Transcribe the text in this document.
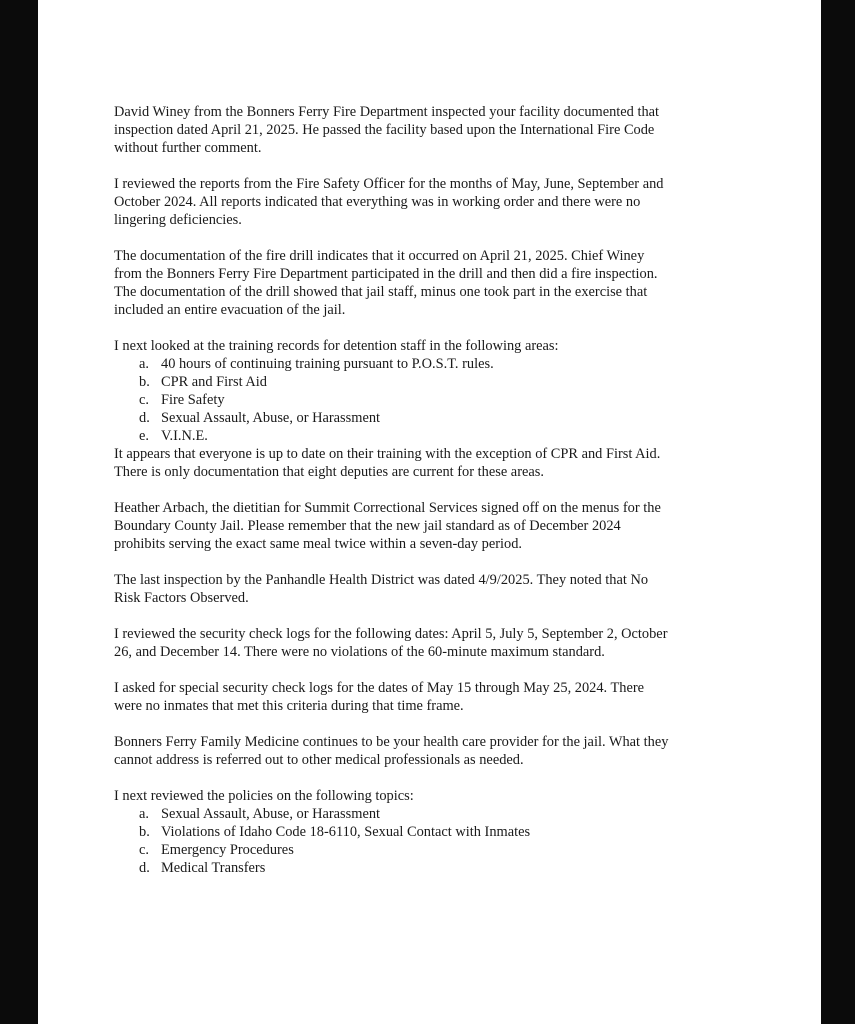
David Winey from the Bonners Ferry Fire Department inspected your facility documented that
inspection dated April 21, 2025. He passed the facility based upon the International Fire Code
without further comment.

I reviewed the reports from the Fire Safety Officer for the months of May, June, September and
October 2024. All reports indicated that everything was in working order and there were no
lingering deficiencies.

The documentation of the fire drill indicates that it occurred on April 21, 2025. Chief Winey
from the Bonners Ferry Fire Department participated in the drill and then did a fire inspection.
The documentation of the drill showed that jail staff, minus one took part in the exercise that
included an entire evacuation of the jail.

I next looked at the training records for detention staff in the following areas:

a. 40 hours of continuing training pursuant to P.O.S.T. rules.
b. CPR and First Aid
c. Fire Safety
d. Sexual Assault, Abuse, or Harassment
e. V.I.N.E.

It appears that everyone is up to date on their training with the exception of CPR and First Aid.
There is only documentation that eight deputies are current for these areas.

Heather Arbach, the dietitian for Summit Correctional Services signed off on the menus for the
Boundary County Jail. Please remember that the new jail standard as of December 2024
prohibits serving the exact same meal twice within a seven-day period.

The last inspection by the Panhandle Health District was dated 4/9/2025. They noted that No
Risk Factors Observed.

I reviewed the security check logs for the following dates: April 5, July 5, September 2, October
26, and December 14. There were no violations of the 60-minute maximum standard.

I asked for special security check logs for the dates of May 15 through May 25, 2024. There
were no inmates that met this criteria during that time frame.

Bonners Ferry Family Medicine continues to be your health care provider for the jail. What they
cannot address is referred out to other medical professionals as needed.

I next reviewed the policies on the following topics:

a. Sexual Assault, Abuse, or Harassment
b. Violations of Idaho Code 18-6110, Sexual Contact with Inmates
c. Emergency Procedures
d. Medical Transfers
